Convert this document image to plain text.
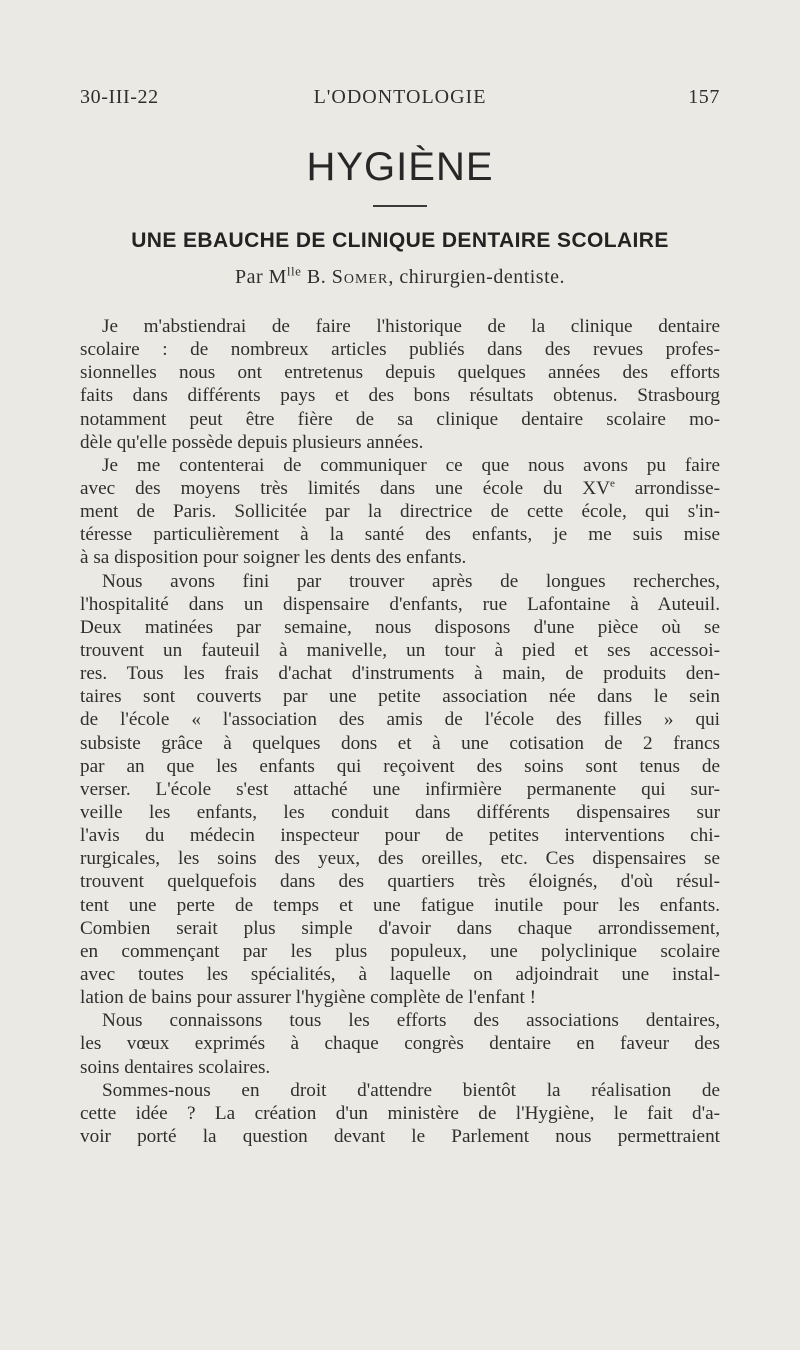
30-III-22	L'ODONTOLOGIE	157
HYGIÈNE
UNE EBAUCHE DE CLINIQUE DENTAIRE SCOLAIRE
Par $M^{lle}$ B. Somer, chirurgien-dentiste.
Je m'abstiendrai de faire l'historique de la clinique dentaire
scolaire : de nombreux articles publiés dans des revues profes-
sionnelles nous ont entretenus depuis quelques années des efforts
faits dans différents pays et des bons résultats obtenus. Strasbourg
notamment peut être fière de sa clinique dentaire scolaire mo-
dèle qu'elle possède depuis plusieurs années.
Je me contenterai de communiquer ce que nous avons pu faire
avec des moyens très limités dans une école du XVe arrondisse-
ment de Paris. Sollicitée par la directrice de cette école, qui s'in-
téresse particulièrement à la santé des enfants, je me suis mise
à sa disposition pour soigner les dents des enfants.
Nous avons fini par trouver après de longues recherches,
l'hospitalité dans un dispensaire d'enfants, rue Lafontaine à Auteuil.
Deux matinées par semaine, nous disposons d'une pièce où se
trouvent un fauteuil à manivelle, un tour à pied et ses accessoi-
res. Tous les frais d'achat d'instruments à main, de produits den-
taires sont couverts par une petite association née dans le sein
de l'école « l'association des amis de l'école des filles » qui
subsiste grâce à quelques dons et à une cotisation de 2 francs
par an que les enfants qui reçoivent des soins sont tenus de
verser. L'école s'est attaché une infirmière permanente qui sur-
veille les enfants, les conduit dans différents dispensaires sur
l'avis du médecin inspecteur pour de petites interventions chi-
rurgicales, les soins des yeux, des oreilles, etc. Ces dispensaires se
trouvent quelquefois dans des quartiers très éloignés, d'où résul-
tent une perte de temps et une fatigue inutile pour les enfants.
Combien serait plus simple d'avoir dans chaque arrondissement,
en commençant par les plus populeux, une polyclinique scolaire
avec toutes les spécialités, à laquelle on adjoindrait une instal-
lation de bains pour assurer l'hygiène complète de l'enfant !
Nous connaissons tous les efforts des associations dentaires,
les vœux exprimés à chaque congrès dentaire en faveur des
soins dentaires scolaires.
Sommes-nous en droit d'attendre bientôt la réalisation de
cette idée ? La création d'un ministère de l'Hygiène, le fait d'a-
voir porté la question devant le Parlement nous permettraient
